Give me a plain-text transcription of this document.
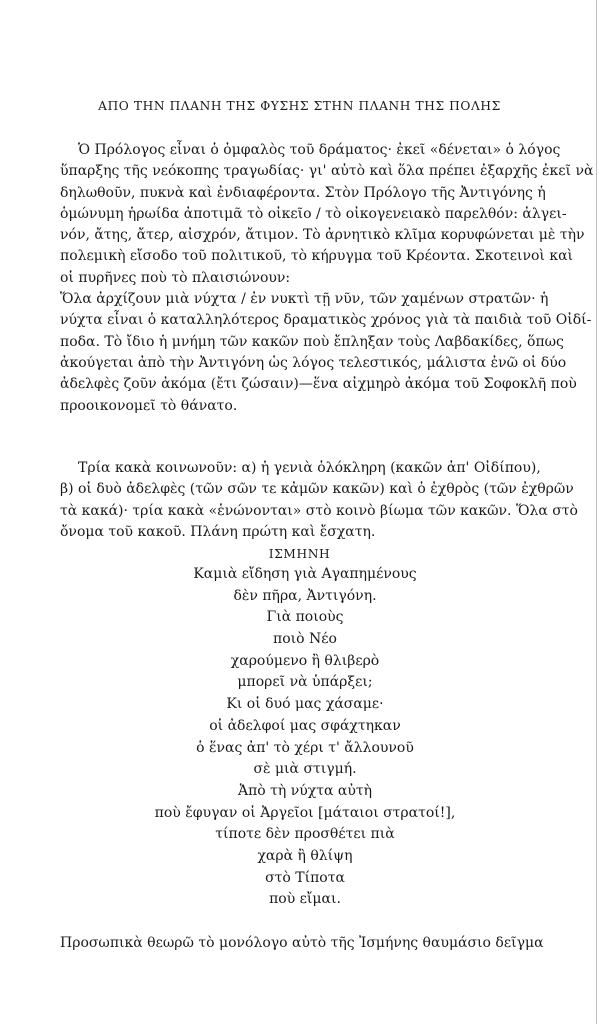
ΑΠΟ ΤΗΝ ΠΛΑΝΗ ΤΗΣ ΦΥΣΗΣ ΣΤΗΝ ΠΛΑΝΗ ΤΗΣ ΠΟΛΗΣ
Ὁ Πρόλογος εἶναι ὁ ὀμφαλὸς τοῦ δράματος· ἐκεῖ «δένεται» ὁ λόγος
ὕπαρξης τῆς νεόκοπης τραγωδίας· γι' αὐτὸ καὶ ὅλα πρέπει ἐξαρχῆς ἐκεῖ νὰ
δηλωθοῦν, πυκνὰ καὶ ἐνδιαφέροντα. Στὸν Πρόλογο τῆς Ἀντιγόνης ἡ
ὁμώνυμη ἡρωίδα ἀποτιμᾶ τὸ οἰκεῖο / τὸ οἰκογενειακὸ παρελθόν: ἀλγει-
νόν, ἄτης, ἄτερ, αἰσχρόν, ἄτιμον. Τὸ ἀρνητικὸ κλῖμα κορυφώνεται μὲ τὴν
πολεμικὴ εἴσοδο τοῦ πολιτικοῦ, τὸ κήρυγμα τοῦ Κρέοντα. Σκοτεινοὶ καὶ
οἱ πυρῆνες ποὺ τὸ πλαισιώνουν:
Ὅλα ἀρχίζουν μιὰ νύχτα / ἐν νυκτὶ τῇ νῦν, τῶν χαμένων στρατῶν· ἡ
νύχτα εἶναι ὁ καταλληλότερος δραματικὸς χρόνος γιὰ τὰ παιδιὰ τοῦ Οἰδί-
ποδα. Τὸ ἴδιο ἡ μνήμη τῶν κακῶν ποὺ ἔπληξαν τοὺς Λαβδακίδες, ὅπως
ἀκούγεται ἀπὸ τὴν Ἀντιγόνη ὡς λόγος τελεστικός, μάλιστα ἐνῶ οἱ δύο
ἀδελφὲς ζοῦν ἀκόμα (ἔτι ζώσαιν)—ἕνα αἰχμηρὸ ἀκόμα τοῦ Σοφοκλῆ ποὺ
προοικονομεῖ τὸ θάνατο.
Τρία κακὰ κοινωνοῦν: α) ἡ γενιὰ ὁλόκληρη (κακῶν ἀπ' Οἰδίπου),
β) οἱ δυὸ ἀδελφὲς (τῶν σῶν τε κἀμῶν κακῶν) καὶ ὁ ἐχθρὸς (τῶν ἐχθρῶν
τὰ κακά)· τρία κακὰ «ἑνώνονται» στὸ κοινὸ βίωμα τῶν κακῶν. Ὅλα στὸ
ὄνομα τοῦ κακοῦ. Πλάνη πρώτη καὶ ἔσχατη.
ΙΣΜΗΝΗ
Καμιὰ εἴδηση γιὰ Αγαπημένους
δὲν πῆρα, Ἀντιγόνη.
Γιὰ ποιοὺς
ποιὸ Νέο
χαρούμενο ἢ θλιβερὸ
μπορεῖ νὰ ὑπάρξει;
Κι οἱ δυό μας χάσαμε·
οἱ ἀδελφοί μας σφάχτηκαν
ὁ ἕνας ἀπ' τὸ χέρι τ' ἄλλουνοῦ
σὲ μιὰ στιγμή.
Ἀπὸ τὴ νύχτα αὐτὴ
ποὺ ἔφυγαν οἱ Ἀργεῖοι [μάταιοι στρατοί!],
τίποτε δὲν προσθέτει πιὰ
χαρὰ ἢ θλίψη
στὸ Τίποτα
ποὺ εἴμαι.
Προσωπικὰ θεωρῶ τὸ μονόλογο αὐτὸ τῆς Ἰσμήνης θαυμάσιο δεῖγμα
